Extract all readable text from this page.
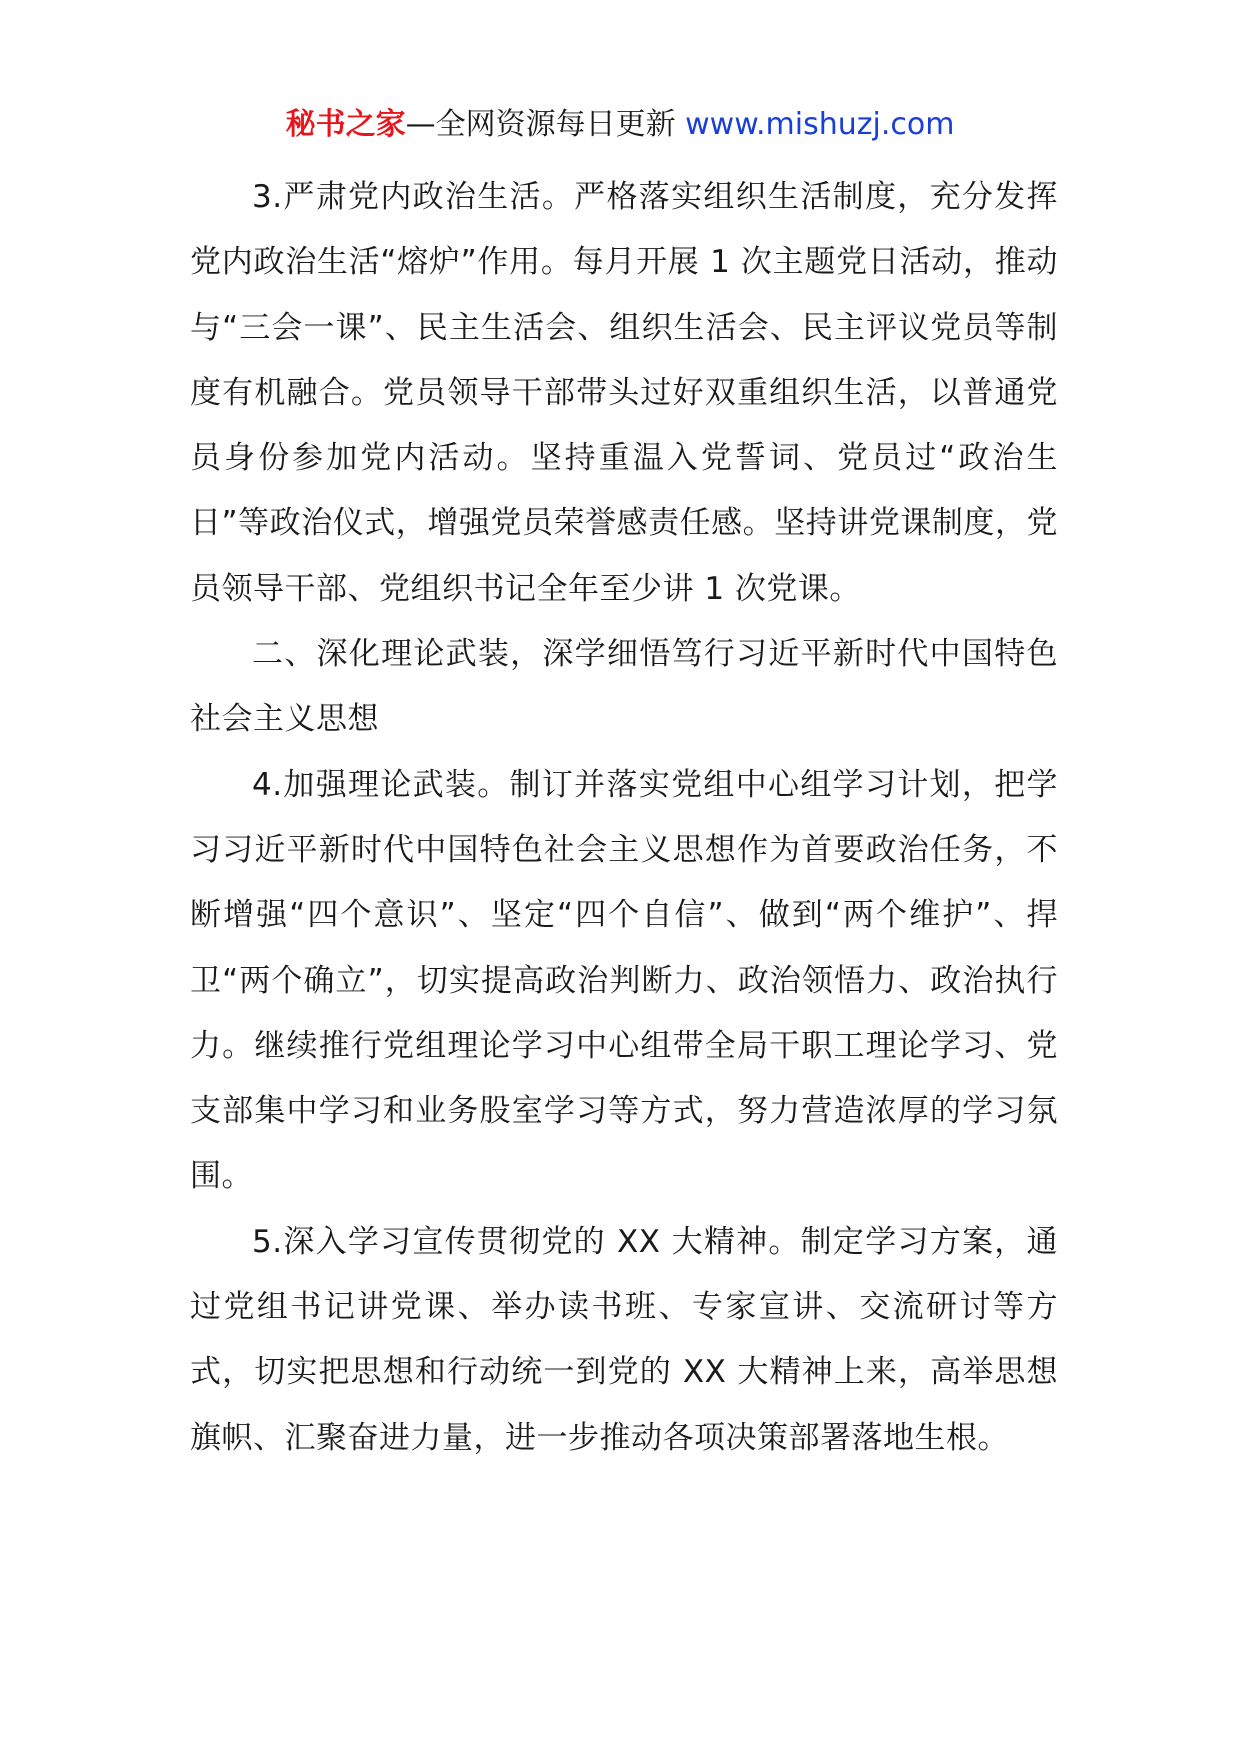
秘书之家—全网资源每日更新 www.mishuzj.com

3.严肃党内政治生活。严格落实组织生活制度，充分发挥党内政治生活“熔炉”作用。每月开展 1 次主题党日活动，推动与“三会一课”、民主生活会、组织生活会、民主评议党员等制度有机融合。党员领导干部带头过好双重组织生活，以普通党员身份参加党内活动。坚持重温入党誓词、党员过“政治生日”等政治仪式，增强党员荣誉感责任感。坚持讲党课制度，党员领导干部、党组织书记全年至少讲 1 次党课。

二、深化理论武装，深学细悟笃行习近平新时代中国特色社会主义思想

4.加强理论武装。制订并落实党组中心组学习计划，把学习习近平新时代中国特色社会主义思想作为首要政治任务，不断增强“四个意识”、坚定“四个自信”、做到“两个维护”、捍卫“两个确立”，切实提高政治判断力、政治领悟力、政治执行力。继续推行党组理论学习中心组带全局干职工理论学习、党支部集中学习和业务股室学习等方式，努力营造浓厚的学习氛围。

5.深入学习宣传贯彻党的 XX 大精神。制定学习方案，通过党组书记讲党课、举办读书班、专家宣讲、交流研讨等方式，切实把思想和行动统一到党的 XX 大精神上来，高举思想旗帜、汇聚奋进力量，进一步推动各项决策部署落地生根。
